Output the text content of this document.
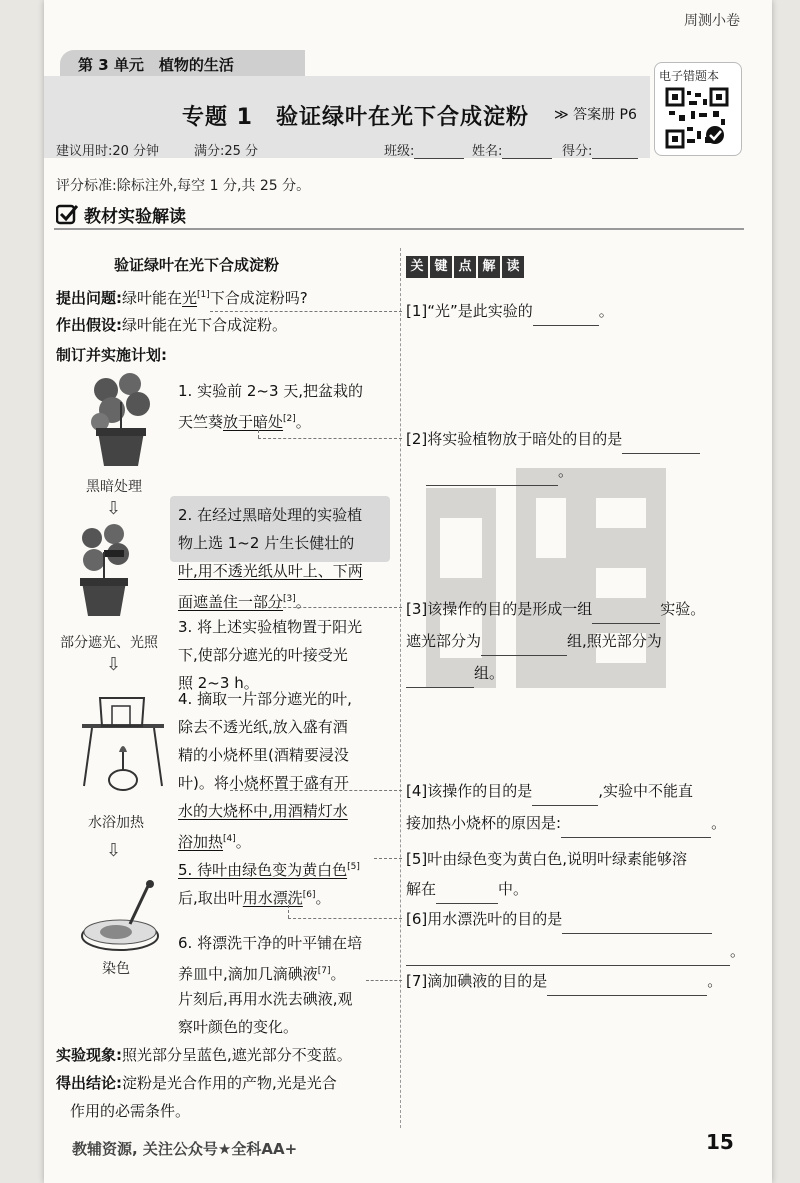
周测小卷
第 3 单元　植物的生活
专题 1　验证绿叶在光下合成淀粉 ≫ 答案册 P6
建议用时:20 分钟	满分:25 分	班级:	姓名:	得分:
电子错题本
评分标准:除标注外,每空 1 分,共 25 分。
教材实验解读
关 键 点 解 读
验证绿叶在光下合成淀粉
提出问题:绿叶能在光[1]下合成淀粉吗?
作出假设:绿叶能在光下合成淀粉。
制订并实施计划:
黑暗处理
⇩
1. 实验前 2~3 天,把盆栽的
天竺葵放于暗处[2]。
部分遮光、光照
⇩
2. 在经过黑暗处理的实验植
物上选 1~2 片生长健壮的
叶,用不透光纸从叶上、下两
面遮盖住一部分[3]。
3. 将上述实验植物置于阳光
下,使部分遮光的叶接受光
照 2~3 h。
水浴加热
⇩
4. 摘取一片部分遮光的叶,
除去不透光纸,放入盛有酒
精的小烧杯里(酒精要浸没
叶)。将小烧杯置于盛有开
水的大烧杯中,用酒精灯水
浴加热[4]。
5. 待叶由绿色变为黄白色[5]
后,取出叶用水漂洗[6]。
染色
6. 将漂洗干净的叶平铺在培
养皿中,滴加几滴碘液[7]。
片刻后,再用水洗去碘液,观
察叶颜色的变化。
实验现象:照光部分呈蓝色,遮光部分不变蓝。
得出结论:淀粉是光合作用的产物,光是光合
作用的必需条件。
[1]“光”是此实验的	。
[2]将实验植物放于暗处的目的是
。
[3]该操作的目的是形成一组	实验。
遮光部分为	组,照光部分为
组。
[4]该操作的目的是	,实验中不能直
接加热小烧杯的原因是:	。
[5]叶由绿色变为黄白色,说明叶绿素能够溶
解在	中。
[6]用水漂洗叶的目的是
。
[7]滴加碘液的目的是	。
教辅资源, 关注公众号★全科AA+	15
